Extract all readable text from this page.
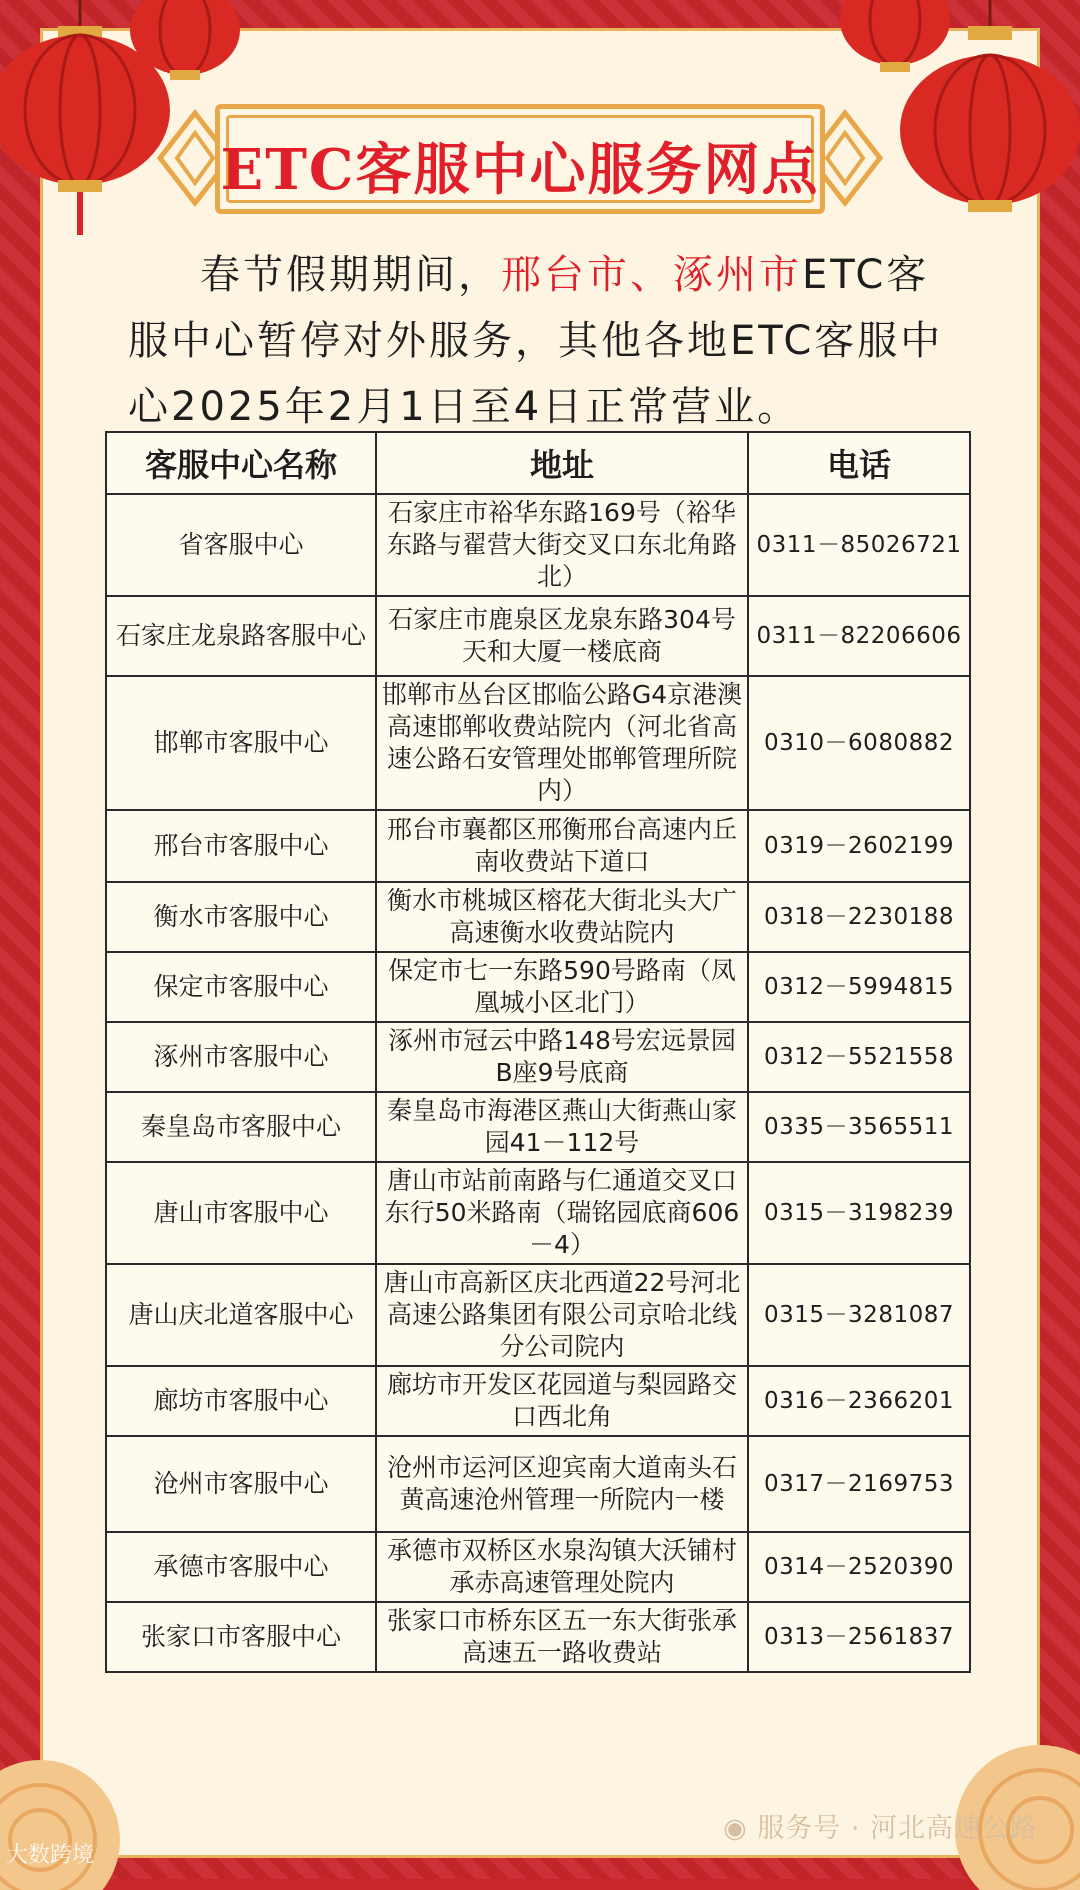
ETC客服中心服务网点
春节假期期间，邢台市、涿州市ETC客服中心暂停对外服务，其他各地ETC客服中心2025年2月1日至4日正常营业。
客服中心名称	地址	电话
省客服中心	石家庄市裕华东路169号（裕华东路与翟营大街交叉口东北角路北）	0311－85026721
石家庄龙泉路客服中心	石家庄市鹿泉区龙泉东路304号天和大厦一楼底商	0311－82206606
邯郸市客服中心	邯郸市丛台区邯临公路G4京港澳高速邯郸收费站院内（河北省高速公路石安管理处邯郸管理所院内）	0310－6080882
邢台市客服中心	邢台市襄都区邢衡邢台高速内丘南收费站下道口	0319－2602199
衡水市客服中心	衡水市桃城区榕花大街北头大广高速衡水收费站院内	0318－2230188
保定市客服中心	保定市七一东路590号路南（凤凰城小区北门）	0312－5994815
涿州市客服中心	涿州市冠云中路148号宏远景园B座9号底商	0312－5521558
秦皇岛市客服中心	秦皇岛市海港区燕山大街燕山家园41－112号	0335－3565511
唐山市客服中心	唐山市站前南路与仁通道交叉口东行50米路南（瑞铭园底商606－4）	0315－3198239
唐山庆北道客服中心	唐山市高新区庆北西道22号河北高速公路集团有限公司京哈北线分公司院内	0315－3281087
廊坊市客服中心	廊坊市开发区花园道与梨园路交口西北角	0316－2366201
沧州市客服中心	沧州市运河区迎宾南大道南头石黄高速沧州管理一所院内一楼	0317－2169753
承德市客服中心	承德市双桥区水泉沟镇大沃铺村承赤高速管理处院内	0314－2520390
张家口市客服中心	张家口市桥东区五一东大街张承高速五一路收费站	0313－2561837
◉ 服务号 · 河北高速公路
大数跨境
